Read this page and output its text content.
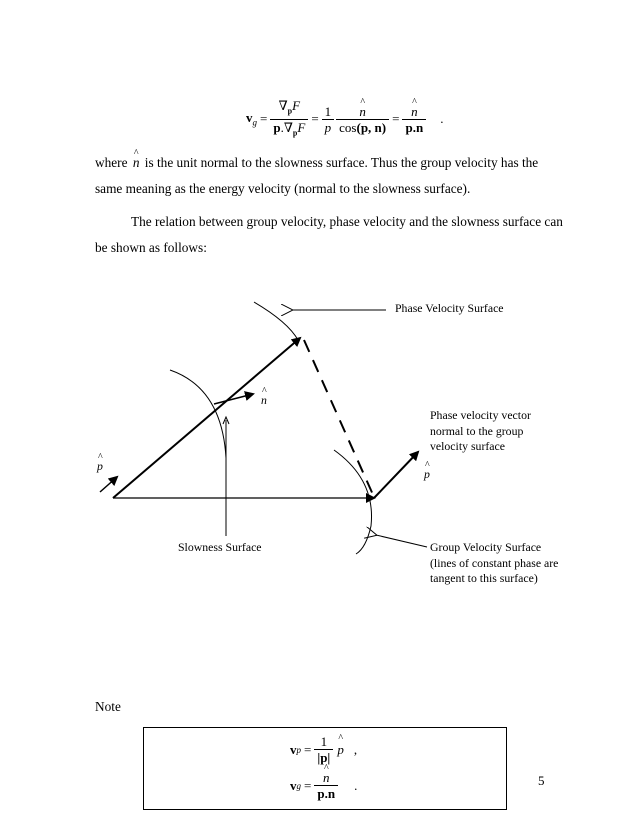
$v_g = \frac{\nabla_pF}{p.\nabla_pF} = \frac{1}{p}$ ^ $\frac{n}{\cos(p, n)}$ = ^ $\frac{n}{p.n}$ .
where ^ n is the unit normal to the slowness surface. Thus the group velocity has the same meaning as the energy velocity (normal to the slowness surface).
The relation between group velocity, phase velocity and the slowness surface can be shown as follows:
Phase Velocity Surface
^ n
Phase velocity vector
normal to the group
velocity surface
^ p
^ p
Slowness Surface	Group Velocity Surface
(lines of constant phase are
tangent to this surface)
Note
v $p = \frac{1}{|p|}$ ^ p ,
v g = ^ $\frac{n}{p.n}$ .	5
